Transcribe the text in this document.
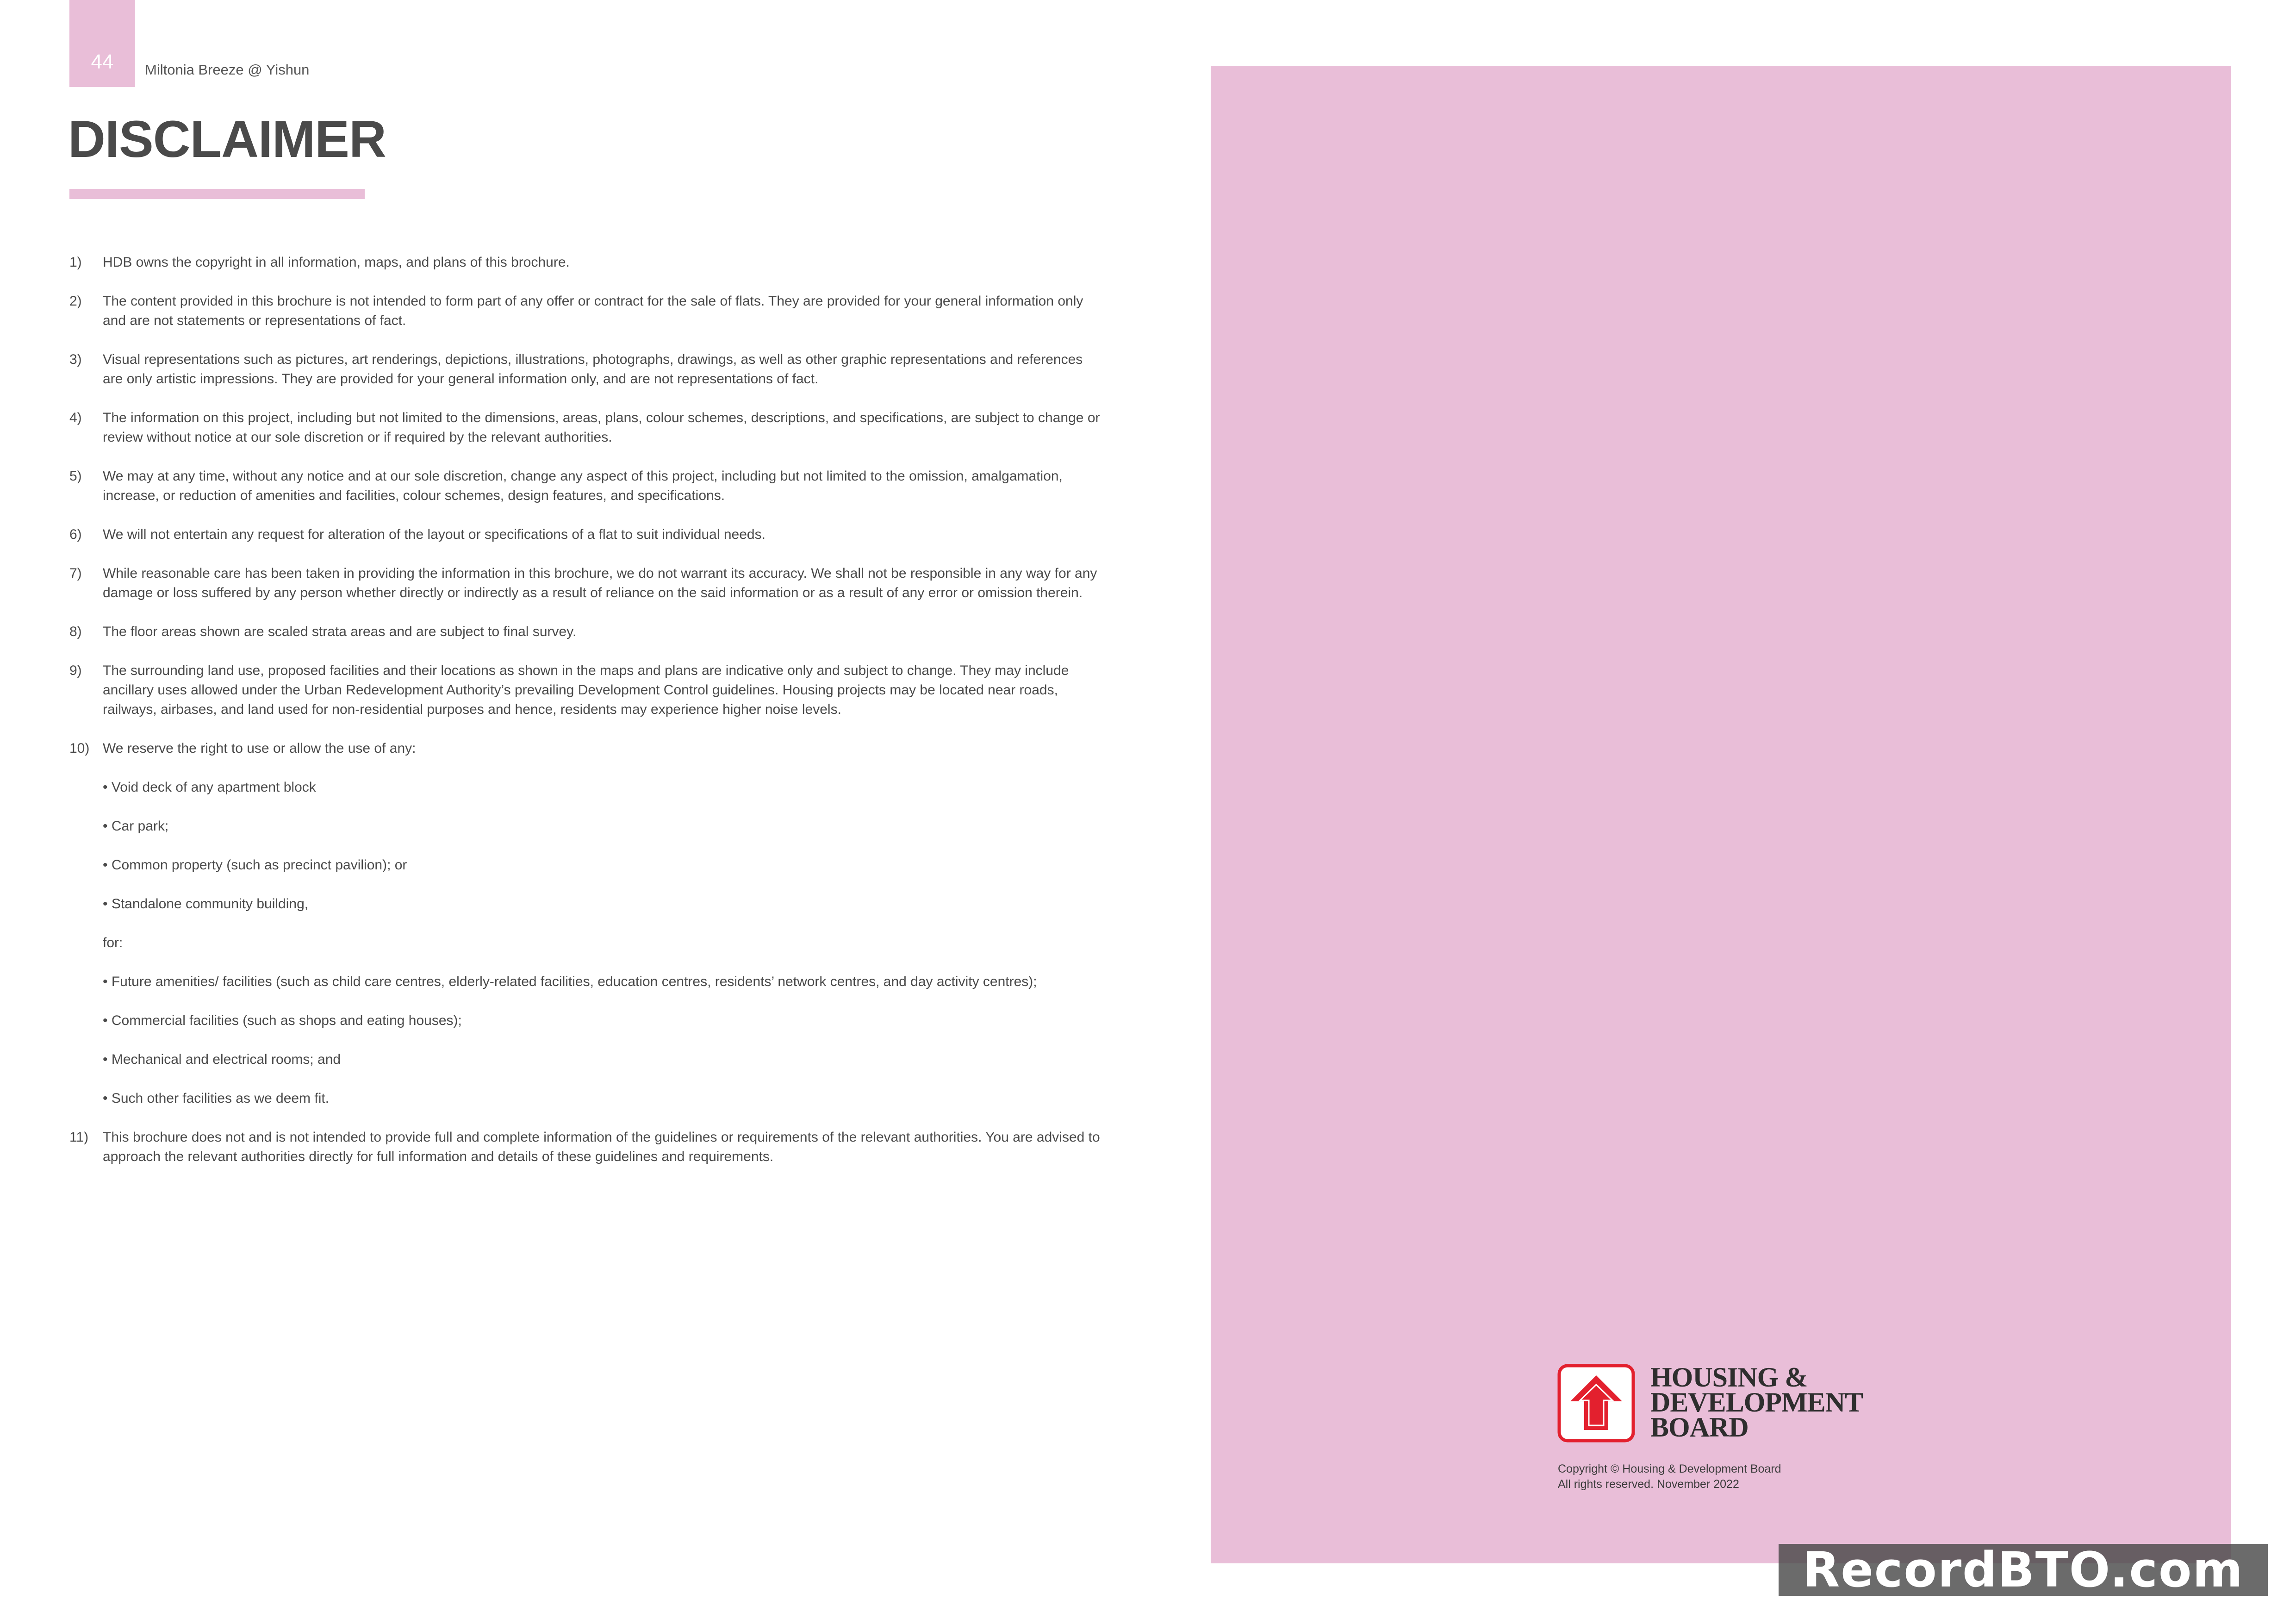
44	Miltonia Breeze @ Yishun
DISCLAIMER
1) HDB owns the copyright in all information, maps, and plans of this brochure.
2) The content provided in this brochure is not intended to form part of any offer or contract for the sale of flats. They are provided for your general information only and are not statements or representations of fact.
3) Visual representations such as pictures, art renderings, depictions, illustrations, photographs, drawings, as well as other graphic representations and references are only artistic impressions. They are provided for your general information only, and are not representations of fact.
4) The information on this project, including but not limited to the dimensions, areas, plans, colour schemes, descriptions, and specifications, are subject to change or review without notice at our sole discretion or if required by the relevant authorities.
5) We may at any time, without any notice and at our sole discretion, change any aspect of this project, including but not limited to the omission, amalgamation, increase, or reduction of amenities and facilities, colour schemes, design features, and specifications.
6) We will not entertain any request for alteration of the layout or specifications of a flat to suit individual needs.
7) While reasonable care has been taken in providing the information in this brochure, we do not warrant its accuracy. We shall not be responsible in any way for any damage or loss suffered by any person whether directly or indirectly as a result of reliance on the said information or as a result of any error or omission therein.
8) The floor areas shown are scaled strata areas and are subject to final survey.
9) The surrounding land use, proposed facilities and their locations as shown in the maps and plans are indicative only and subject to change. They may include ancillary uses allowed under the Urban Redevelopment Authority’s prevailing Development Control guidelines. Housing projects may be located near roads, railways, airbases, and land used for non-residential purposes and hence, residents may experience higher noise levels.
10) We reserve the right to use or allow the use of any:
• Void deck of any apartment block
• Car park;
• Common property (such as precinct pavilion); or
• Standalone community building,
for:
• Future amenities/ facilities (such as child care centres, elderly-related facilities, education centres, residents’ network centres, and day activity centres);
• Commercial facilities (such as shops and eating houses);
• Mechanical and electrical rooms; and
• Such other facilities as we deem fit.
11) This brochure does not and is not intended to provide full and complete information of the guidelines or requirements of the relevant authorities. You are advised to approach the relevant authorities directly for full information and details of these guidelines and requirements.
HOUSING &
DEVELOPMENT
BOARD
Copyright © Housing & Development Board
All rights reserved. November 2022
RecordBTO.com
